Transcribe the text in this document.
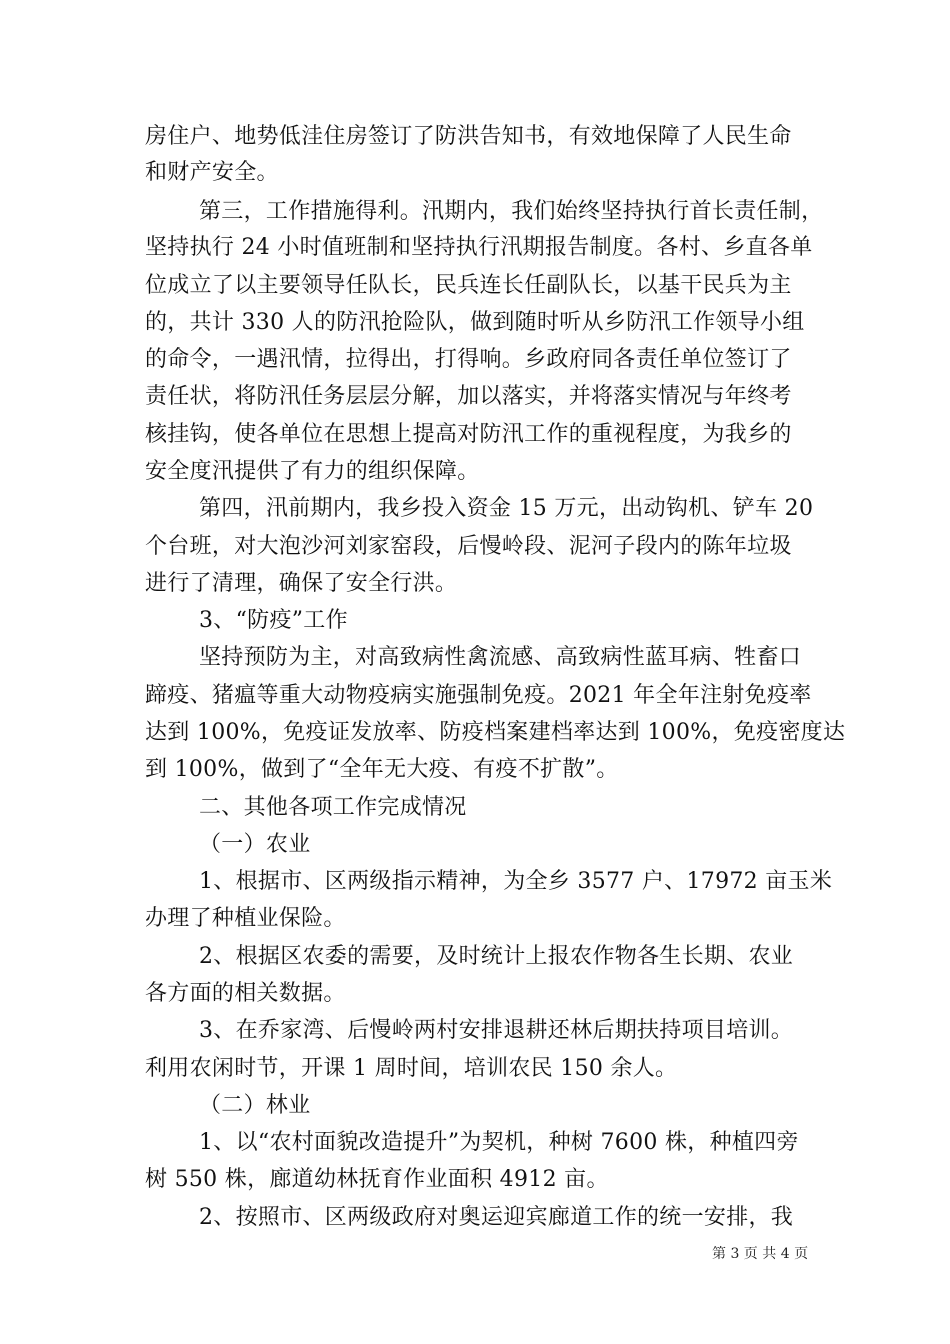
房住户、地势低洼住房签订了防洪告知书，有效地保障了人民生命
和财产安全。
第三，工作措施得利。汛期内，我们始终坚持执行首长责任制，
坚持执行 24 小时值班制和坚持执行汛期报告制度。各村、乡直各单
位成立了以主要领导任队长，民兵连长任副队长，以基干民兵为主
的，共计 330 人的防汛抢险队，做到随时听从乡防汛工作领导小组
的命令，一遇汛情，拉得出，打得响。乡政府同各责任单位签订了
责任状，将防汛任务层层分解，加以落实，并将落实情况与年终考
核挂钩，使各单位在思想上提高对防汛工作的重视程度，为我乡的
安全度汛提供了有力的组织保障。
第四，汛前期内，我乡投入资金 15 万元，出动钩机、铲车 20
个台班，对大泡沙河刘家窑段，后慢岭段、泥河子段内的陈年垃圾
进行了清理，确保了安全行洪。
3、“防疫”工作
坚持预防为主，对高致病性禽流感、高致病性蓝耳病、牲畜口
蹄疫、猪瘟等重大动物疫病实施强制免疫。2021 年全年注射免疫率
达到 100%，免疫证发放率、防疫档案建档率达到 100%，免疫密度达
到 100%，做到了“全年无大疫、有疫不扩散”。
二、其他各项工作完成情况
（一）农业
1、根据市、区两级指示精神，为全乡 3577 户、17972 亩玉米
办理了种植业保险。
2、根据区农委的需要，及时统计上报农作物各生长期、农业
各方面的相关数据。
3、在乔家湾、后慢岭两村安排退耕还林后期扶持项目培训。
利用农闲时节，开课 1 周时间，培训农民 150 余人。
（二）林业
1、以“农村面貌改造提升”为契机，种树 7600 株，种植四旁
树 550 株，廊道幼林抚育作业面积 4912 亩。
2、按照市、区两级政府对奥运迎宾廊道工作的统一安排，我
第 3 页 共 4 页
